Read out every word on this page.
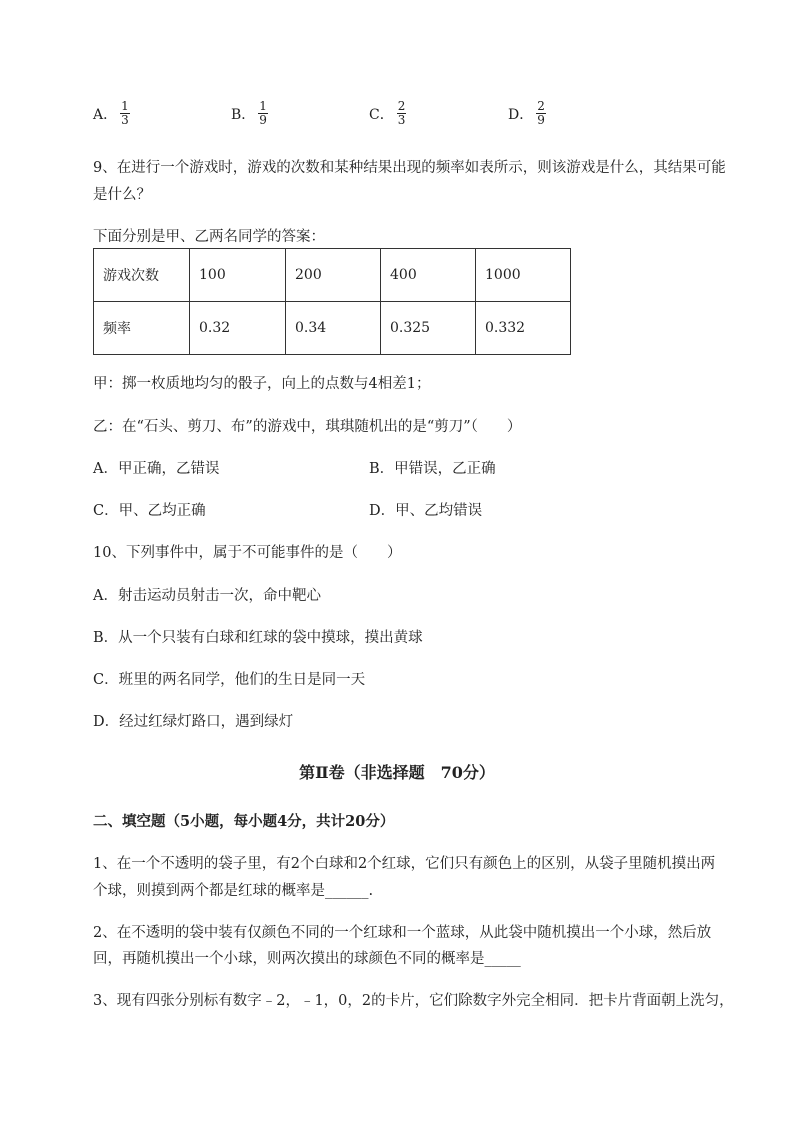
A． $\frac{1}{3}$	B． $\frac{1}{9}$	C． $\frac{2}{3}$	D． $\frac{2}{9}$
9、在进行一个游戏时，游戏的次数和某种结果出现的频率如表所示，则该游戏是什么，其结果可能
是什么？
下面分别是甲、乙两名同学的答案：
游戏次数	100	200	400	1000
频率	0.32	0.34	0.325	0.332
甲：掷一枚质地均匀的骰子，向上的点数与4相差1；
乙：在“石头、剪刀、布”的游戏中，琪琪随机出的是“剪刀”（　　）
A．甲正确，乙错误	B．甲错误，乙正确
C．甲、乙均正确	D．甲、乙均错误
10、下列事件中，属于不可能事件的是（　　）
A．射击运动员射击一次，命中靶心
B．从一个只装有白球和红球的袋中摸球，摸出黄球
C．班里的两名同学，他们的生日是同一天
D．经过红绿灯路口，遇到绿灯
第Ⅱ卷（非选择题　70分）
二、填空题（5小题，每小题4分，共计20分）
1、在一个不透明的袋子里，有2个白球和2个红球，它们只有颜色上的区别，从袋子里随机摸出两
个球，则摸到两个都是红球的概率是______.
2、在不透明的袋中装有仅颜色不同的一个红球和一个蓝球，从此袋中随机摸出一个小球，然后放
回，再随机摸出一个小球，则两次摸出的球颜色不同的概率是_____
3、现有四张分别标有数字﹣2，﹣1，0，2的卡片，它们除数字外完全相同．把卡片背面朝上洗匀，
